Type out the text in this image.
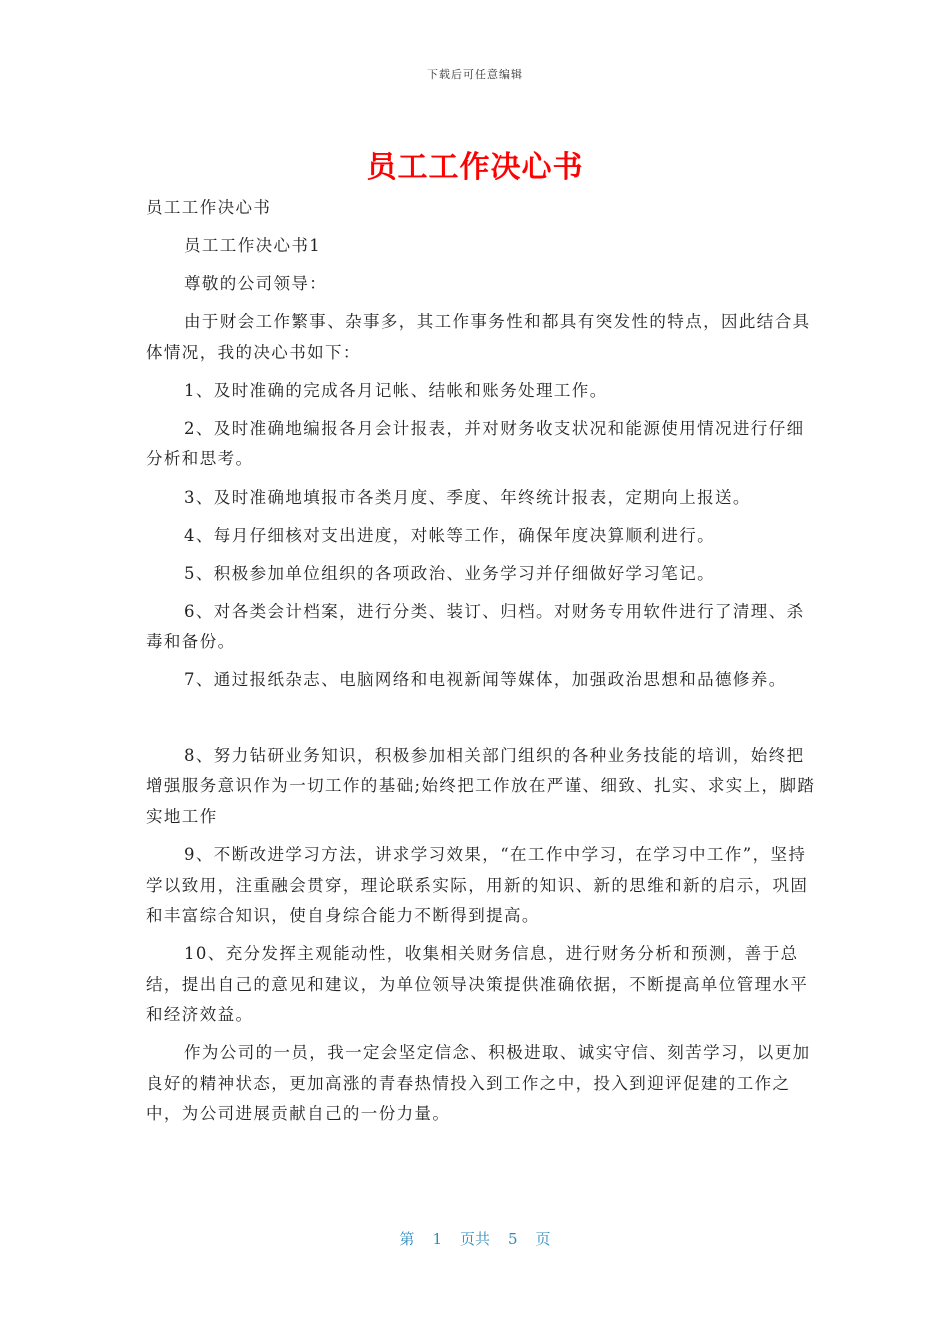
下载后可任意编辑
员工工作决心书

员工工作决心书

员工工作决心书1

尊敬的公司领导：

由于财会工作繁事、杂事多，其工作事务性和都具有突发性的特点，因此结合具体情况，我的决心书如下：

1、及时准确的完成各月记帐、结帐和账务处理工作。

2、及时准确地编报各月会计报表，并对财务收支状况和能源使用情况进行仔细分析和思考。

3、及时准确地填报市各类月度、季度、年终统计报表，定期向上报送。

4、每月仔细核对支出进度，对帐等工作，确保年度决算顺利进行。

5、积极参加单位组织的各项政治、业务学习并仔细做好学习笔记。

6、对各类会计档案，进行分类、装订、归档。对财务专用软件进行了清理、杀毒和备份。

7、通过报纸杂志、电脑网络和电视新闻等媒体，加强政治思想和品德修养。

8、努力钻研业务知识，积极参加相关部门组织的各种业务技能的培训，始终把增强服务意识作为一切工作的基础;始终把工作放在严谨、细致、扎实、求实上，脚踏实地工作

9、不断改进学习方法，讲求学习效果，“在工作中学习，在学习中工作”，坚持学以致用，注重融会贯穿，理论联系实际，用新的知识、新的思维和新的启示，巩固和丰富综合知识，使自身综合能力不断得到提高。

10、充分发挥主观能动性，收集相关财务信息，进行财务分析和预测，善于总结，提出自己的意见和建议，为单位领导决策提供准确依据，不断提高单位管理水平和经济效益。

作为公司的一员，我一定会坚定信念、积极进取、诚实守信、刻苦学习，以更加良好的精神状态，更加高涨的青春热情投入到工作之中，投入到迎评促建的工作之中，为公司进展贡献自己的一份力量。

第 1 页共 5 页
